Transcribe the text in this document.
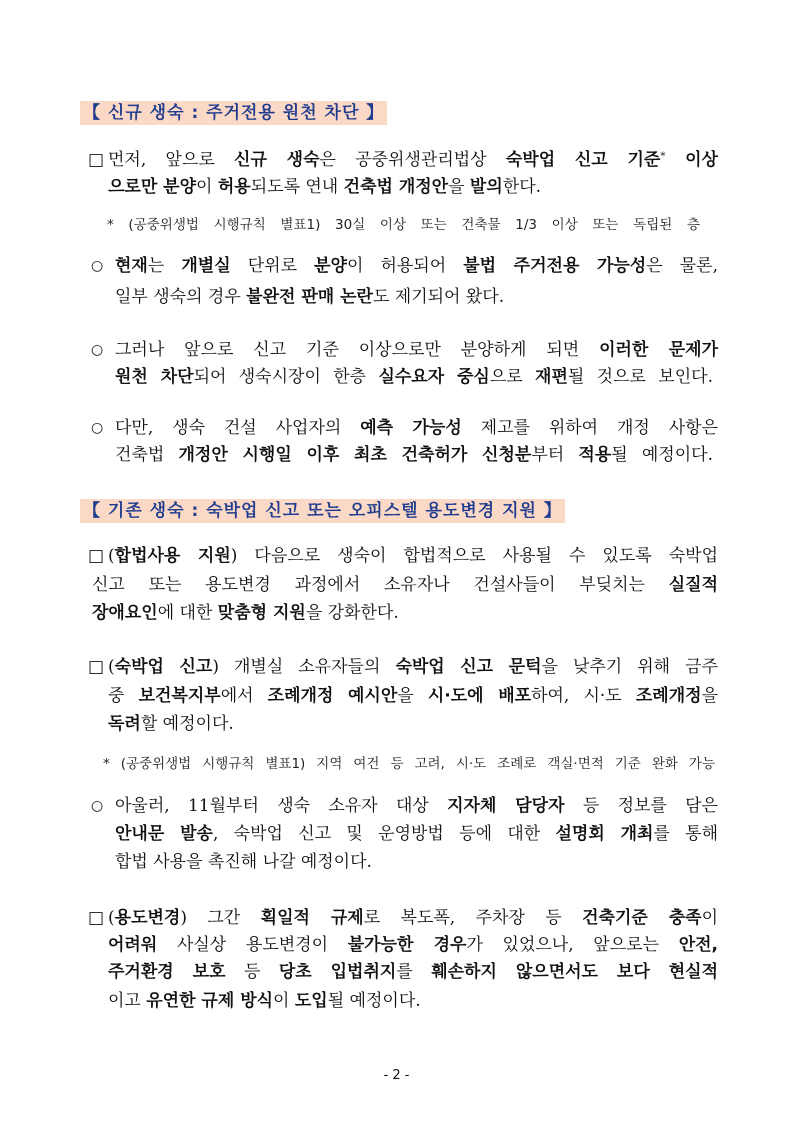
【 신규 생숙 : 주거전용 원천 차단 】
□ 먼저, 앞으로 신규 생숙은 공중위생관리법상 숙박업 신고 기준* 이상
으로만 분양이 허용되도록 연내 건축법 개정안을 발의한다.
* (공중위생법 시행규칙 별표1) 30실 이상 또는 건축물 1/3 이상 또는 독립된 층
○ 현재는 개별실 단위로 분양이 허용되어 불법 주거전용 가능성은 물론,
일부 생숙의 경우 불완전 판매 논란도 제기되어 왔다.
○ 그러나 앞으로 신고 기준 이상으로만 분양하게 되면 이러한 문제가
원천 차단되어 생숙시장이 한층 실수요자 중심으로 재편될 것으로 보인다.
○ 다만, 생숙 건설 사업자의 예측 가능성 제고를 위하여 개정 사항은
건축법 개정안 시행일 이후 최초 건축허가 신청분부터 적용될 예정이다.
【 기존 생숙 : 숙박업 신고 또는 오피스텔 용도변경 지원 】
□ (합법사용 지원) 다음으로 생숙이 합법적으로 사용될 수 있도록 숙박업
신고 또는 용도변경 과정에서 소유자나 건설사들이 부딪치는 실질적
장애요인에 대한 맞춤형 지원을 강화한다.
□ (숙박업 신고) 개별실 소유자들의 숙박업 신고 문턱을 낮추기 위해 금주
중 보건복지부에서 조례개정 예시안을 시·도에 배포하여, 시·도 조례개정을
독려할 예정이다.
* (공중위생법 시행규칙 별표1) 지역 여건 등 고려, 시·도 조례로 객실·면적 기준 완화 가능
○ 아울러, 11월부터 생숙 소유자 대상 지자체 담당자 등 정보를 담은
안내문 발송, 숙박업 신고 및 운영방법 등에 대한 설명회 개최를 통해
합법 사용을 촉진해 나갈 예정이다.
□ (용도변경) 그간 획일적 규제로 복도폭, 주차장 등 건축기준 충족이
어려워 사실상 용도변경이 불가능한 경우가 있었으나, 앞으로는 안전,
주거환경 보호 등 당초 입법취지를 훼손하지 않으면서도 보다 현실적
이고 유연한 규제 방식이 도입될 예정이다.
- 2 -
